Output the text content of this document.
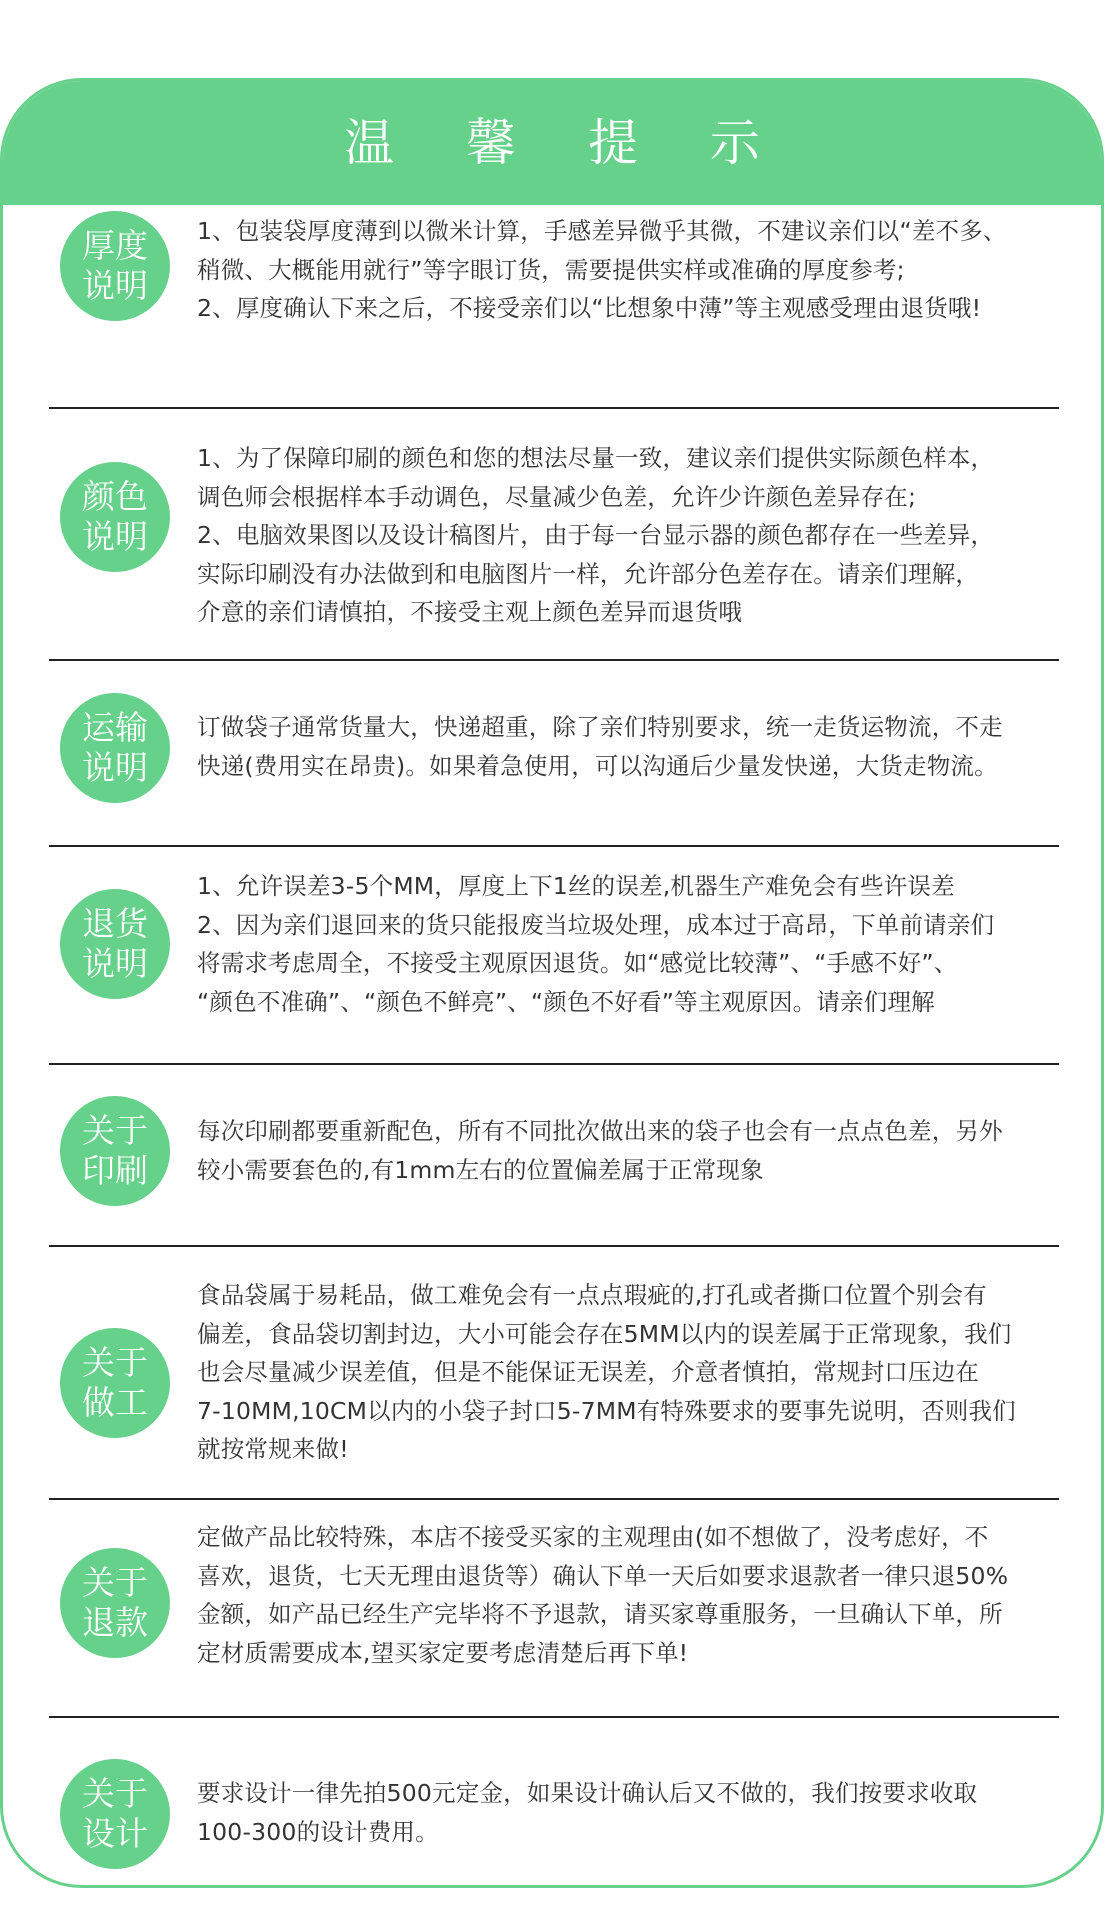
温 馨 提 示
厚度
说明

1、包装袋厚度薄到以微米计算，手感差异微乎其微，不建议亲们以“差不多、

稍微、大概能用就行”等字眼订货，需要提供实样或准确的厚度参考;

2、厚度确认下来之后，不接受亲们以“比想象中薄”等主观感受理由退货哦!

颜色
说明

1、为了保障印刷的颜色和您的想法尽量一致，建议亲们提供实际颜色样本，

调色师会根据样本手动调色，尽量减少色差，允许少许颜色差异存在;

2、电脑效果图以及设计稿图片，由于每一台显示器的颜色都存在一些差异，

实际印刷没有办法做到和电脑图片一样，允许部分色差存在。请亲们理解，

介意的亲们请慎拍，不接受主观上颜色差异而退货哦

运输
说明

订做袋子通常货量大，快递超重，除了亲们特别要求，统一走货运物流，不走

快递(费用实在昂贵)。如果着急使用，可以沟通后少量发快递，大货走物流。

退货
说明

1、允许误差3-5个MM，厚度上下1丝的误差,机器生产难免会有些许误差

2、因为亲们退回来的货只能报废当垃圾处理，成本过于高昂，下单前请亲们

将需求考虑周全，不接受主观原因退货。如“感觉比较薄”、“手感不好”、

“颜色不准确”、“颜色不鲜亮”、“颜色不好看”等主观原因。请亲们理解

关于
印刷

每次印刷都要重新配色，所有不同批次做出来的袋子也会有一点点色差，另外

较小需要套色的,有1mm左右的位置偏差属于正常现象

关于
做工

食品袋属于易耗品，做工难免会有一点点瑕疵的,打孔或者撕口位置个别会有

偏差，食品袋切割封边，大小可能会存在5MM以内的误差属于正常现象，我们

也会尽量减少误差值，但是不能保证无误差，介意者慎拍，常规封口压边在

7-10MM,10CM以内的小袋子封口5-7MM有特殊要求的要事先说明，否则我们

就按常规来做!

关于
退款

定做产品比较特殊，本店不接受买家的主观理由(如不想做了，没考虑好，不

喜欢，退货，七天无理由退货等）确认下单一天后如要求退款者一律只退50%

金额，如产品已经生产完毕将不予退款，请买家尊重服务，一旦确认下单，所

定材质需要成本,望买家定要考虑清楚后再下单!

关于
设计

要求设计一律先拍500元定金，如果设计确认后又不做的，我们按要求收取

100-300的设计费用。
